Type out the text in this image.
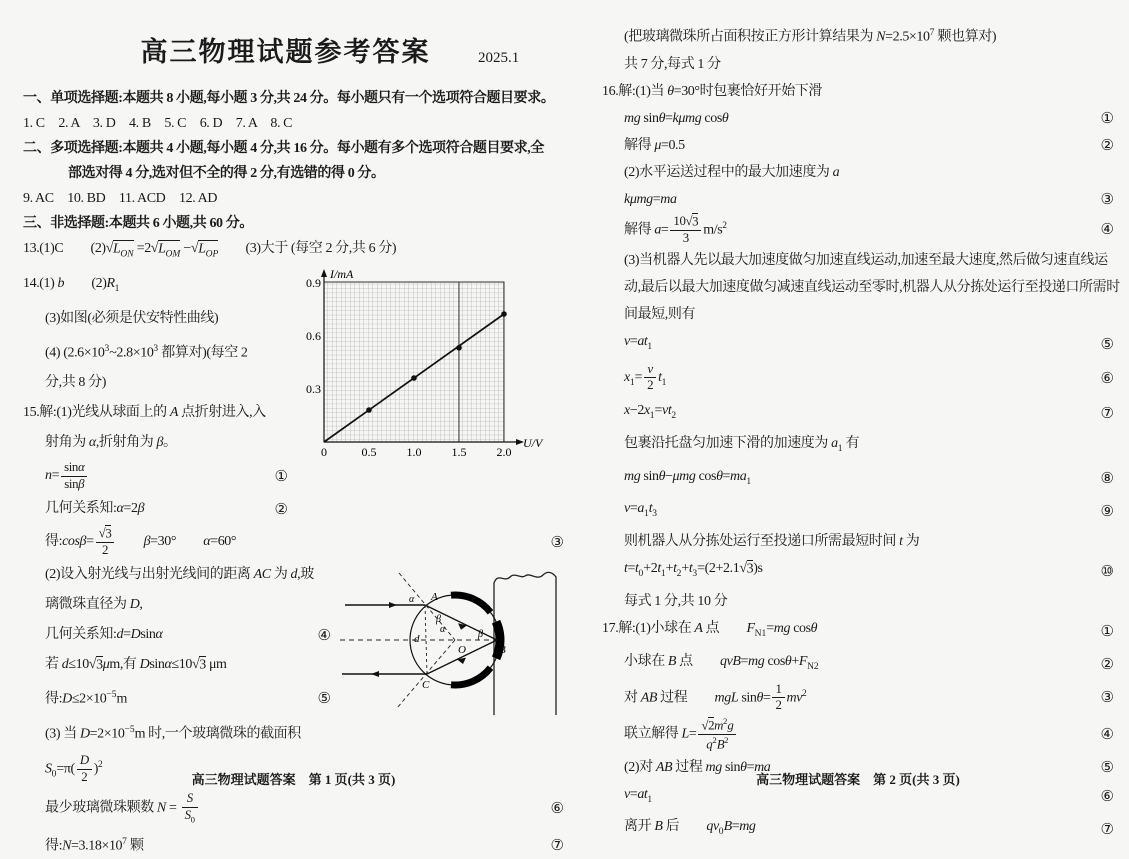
高三物理试题参考答案	2025.1
一、单项选择题:本题共 8 小题,每小题 3 分,共 24 分。每小题只有一个选项符合题目要求。
1. C　2. A　3. D　4. B　5. C　6. D　7. A　8. C
二、多项选择题:本题共 4 小题,每小题 4 分,共 16 分。每小题有多个选项符合题目要求,全
部选对得 4 分,选对但不全的得 2 分,有选错的得 0 分。
9. AC　10. BD　11. ACD　12. AD
三、非选择题:本题共 6 小题,共 60 分。
13.(1)C　　$(2)√L_{ON} =2√L_{OM} -√L_{OP}$　　(3)大于 (每空 2 分,共 6 分)
I/mA
U/V
0.9
0.6
0.3
0	0.5	1.0	1.5	2.0
14.(1) b　　$(2)R_1$
(3)如图(必须是伏安特性曲线)
(4) ($2.6\times 10^3\sim 2.8\times 10^3$ 都算对)(每空 2
分,共 8 分)
15.解:(1)光线从球面上的 A 点折射进入,入
射角为 α,折射角为 β。
$n= \frac{\sin\alpha}{\sin\beta}$	①
几何关系知:α=2β	②
得:cosβ= $\frac{√3}{2}$
　　 β=30°　　α=60°	③
A
B
C
O
d
α
β
α	β
(2)设入射光线与出射光线间的距离 AC 为 d,玻
璃微珠直径为 D,
几何关系知:d=Dsinα	④
若 d≤10√3μm,有 Dsinα≤10√3 μm
得$:D\le 2\times 10^{-5}m$	⑤
(3) 当 $D=2\times 10^{-5}m$ 时,一个玻璃微珠的截面积
$S_0=\pi( \frac{D}{2} )^2$
最少玻璃微珠颗数 $N = \frac{S}{S_0}$	⑥
得$:N=3.18\times 10^7$ 颗	⑦
高三物理试题答案　第 1 页(共 3 页)
(把玻璃微珠所占面积按正方形计算结果为 $N=2.5\times 10^7$ 颗也算对)
共 7 分,每式 1 分
16.解:(1)当 θ=30°时包裹恰好开始下滑
mg sinθ=kμmg cosθ	①
解得 μ=0.5	②
(2)水平运送过程中的最大加速度为 a
kμmg=ma	③
解得 $a= \frac{10√3}{3} m/s^2$	④
(3)当机器人先以最大加速度做匀加速直线运动,加速至最大速度,然后做匀速直线运
动,最后以最大加速度做匀减速直线运动至零时,机器人从分拣处运行至投递口所需时
间最短,则有
$v=at_1$	⑤
$x_1= \frac{v}{2} t_1$	⑥
$x-2x_1=vt_2$	⑦
包裹沿托盘匀加速下滑的加速度为 $a_1$ 有
mg sinθ−μmg $\cos\theta=ma_1$	⑧
$v=a_1t_3$	⑨
则机器人从分拣处运行至投递口所需最短时间 t 为
$t=t_0+2t_1+t_2+t_3=(2+2.1√3)s$	⑩
每式 1 分,共 10 分
17.解:(1)小球在 A 点　　$F_{N1}=mg$ cosθ	①
小球在 B 点　　qvB=mg $\cos\theta+F_{N2}$	②
对 AB 过程　　mgL $\sin\theta= \frac{1}{2} mv^2$	③
联立解得 $L= \frac{√2m^2g}{q^2B^2}$	④
(2)对 AB 过程 mg sinθ=ma	⑤
$v=at_1$	⑥
离开 B 后　　$qv_0B=mg$	⑦
高三物理试题答案　第 2 页(共 3 页)
